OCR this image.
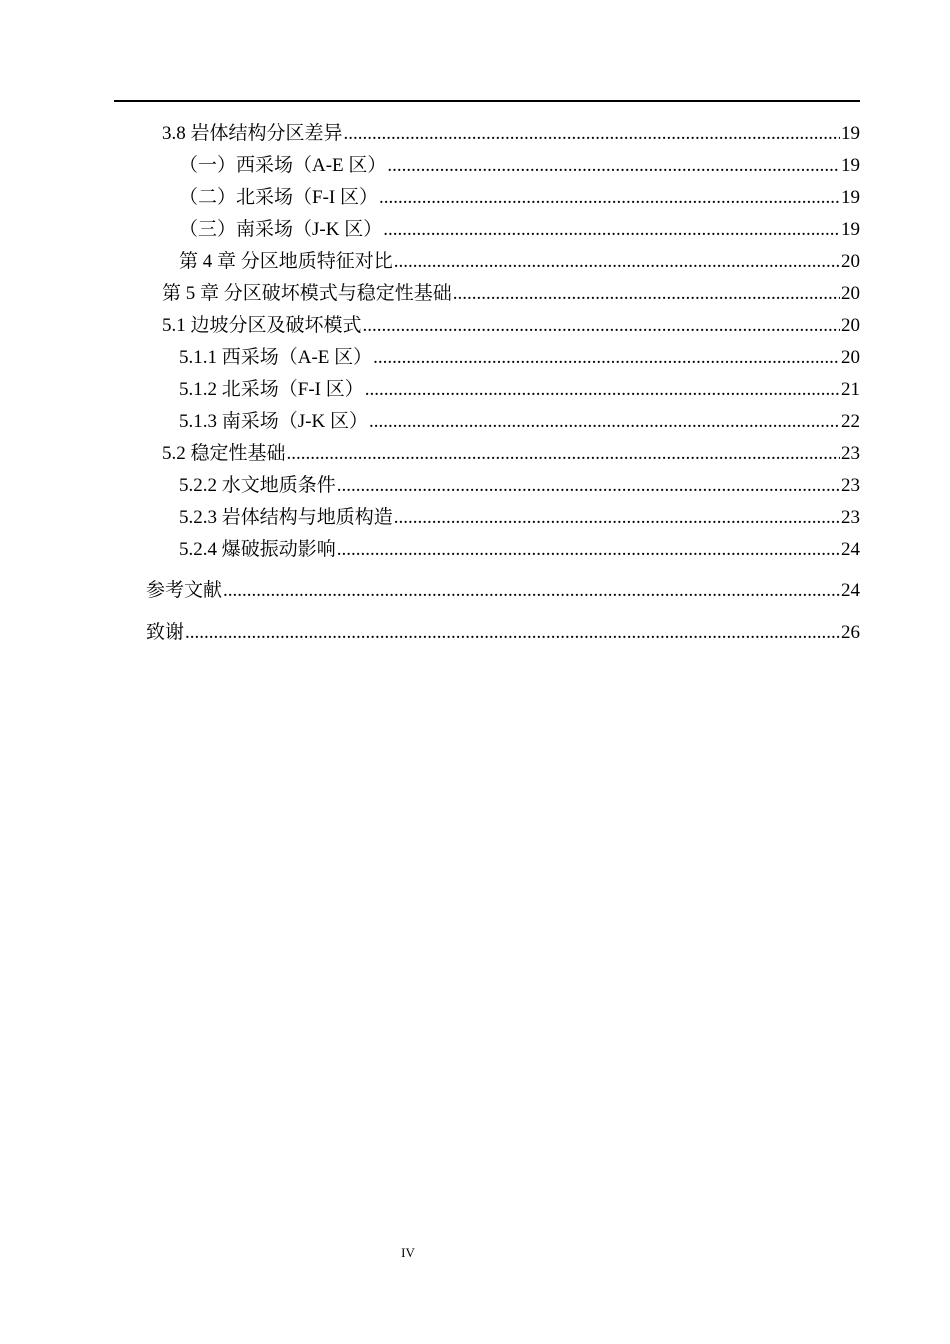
3.8 岩体结构分区差异 .....	19
（一）西采场（A-E 区） .....	19
（二）北采场（F-I 区） .....	19
（三）南采场（J-K 区） .....	19
第 4 章 分区地质特征对比 .....	20
第 5 章 分区破坏模式与稳定性基础 .....	20
5.1 边坡分区及破坏模式 .....	20
5.1.1 西采场（A-E 区） .....	20
5.1.2 北采场（F-I 区） .....	21
5.1.3 南采场（J-K 区） .....	22
5.2 稳定性基础 .....	23
5.2.2 水文地质条件 .....	23
5.2.3 岩体结构与地质构造 .....	23
5.2.4 爆破振动影响 .....	24
参考文献 .....	24
致谢 .....	26
IV
